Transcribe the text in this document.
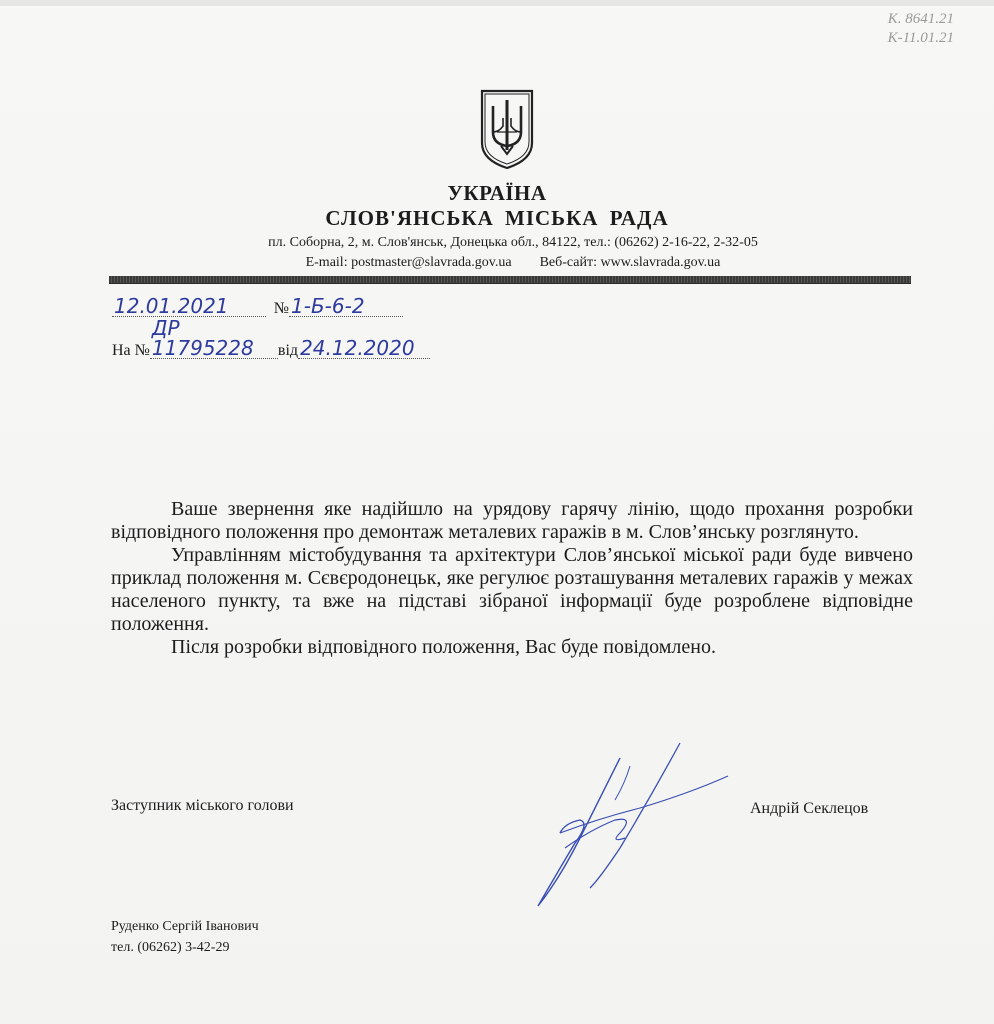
К. 8641.21
К-11.01.21
УКРАЇНА
СЛОВ'ЯНСЬКА МІСЬКА РАДА
пл. Соборна, 2, м. Слов'янськ, Донецька обл., 84122, тел.: (06262) 2-16-22, 2-32-05
E-mail: postmaster@slavrada.gov.ua Веб-сайт: www.slavrada.gov.ua
12.01.2021	№ 1-Б-6-2
На №ДР 11795228 від 24.12.2020

Ваше звернення яке надійшло на урядову гарячу лінію, щодо прохання розробки відповідного положення про демонтаж металевих гаражів в м. Слов’янську розглянуто.

Управлінням містобудування та архітектури Слов’янської міської ради буде вивчено приклад положення м. Сєвєродонецьк, яке регулює розташування металевих гаражів у межах населеного пункту, та вже на підставі зібраної інформації буде розроблене відповідне положення.

Після розробки відповідного положення, Вас буде повідомлено.

Заступник міського голови	Андрій Секлецов
Руденко Сергій Іванович
тел. (06262) 3-42-29
